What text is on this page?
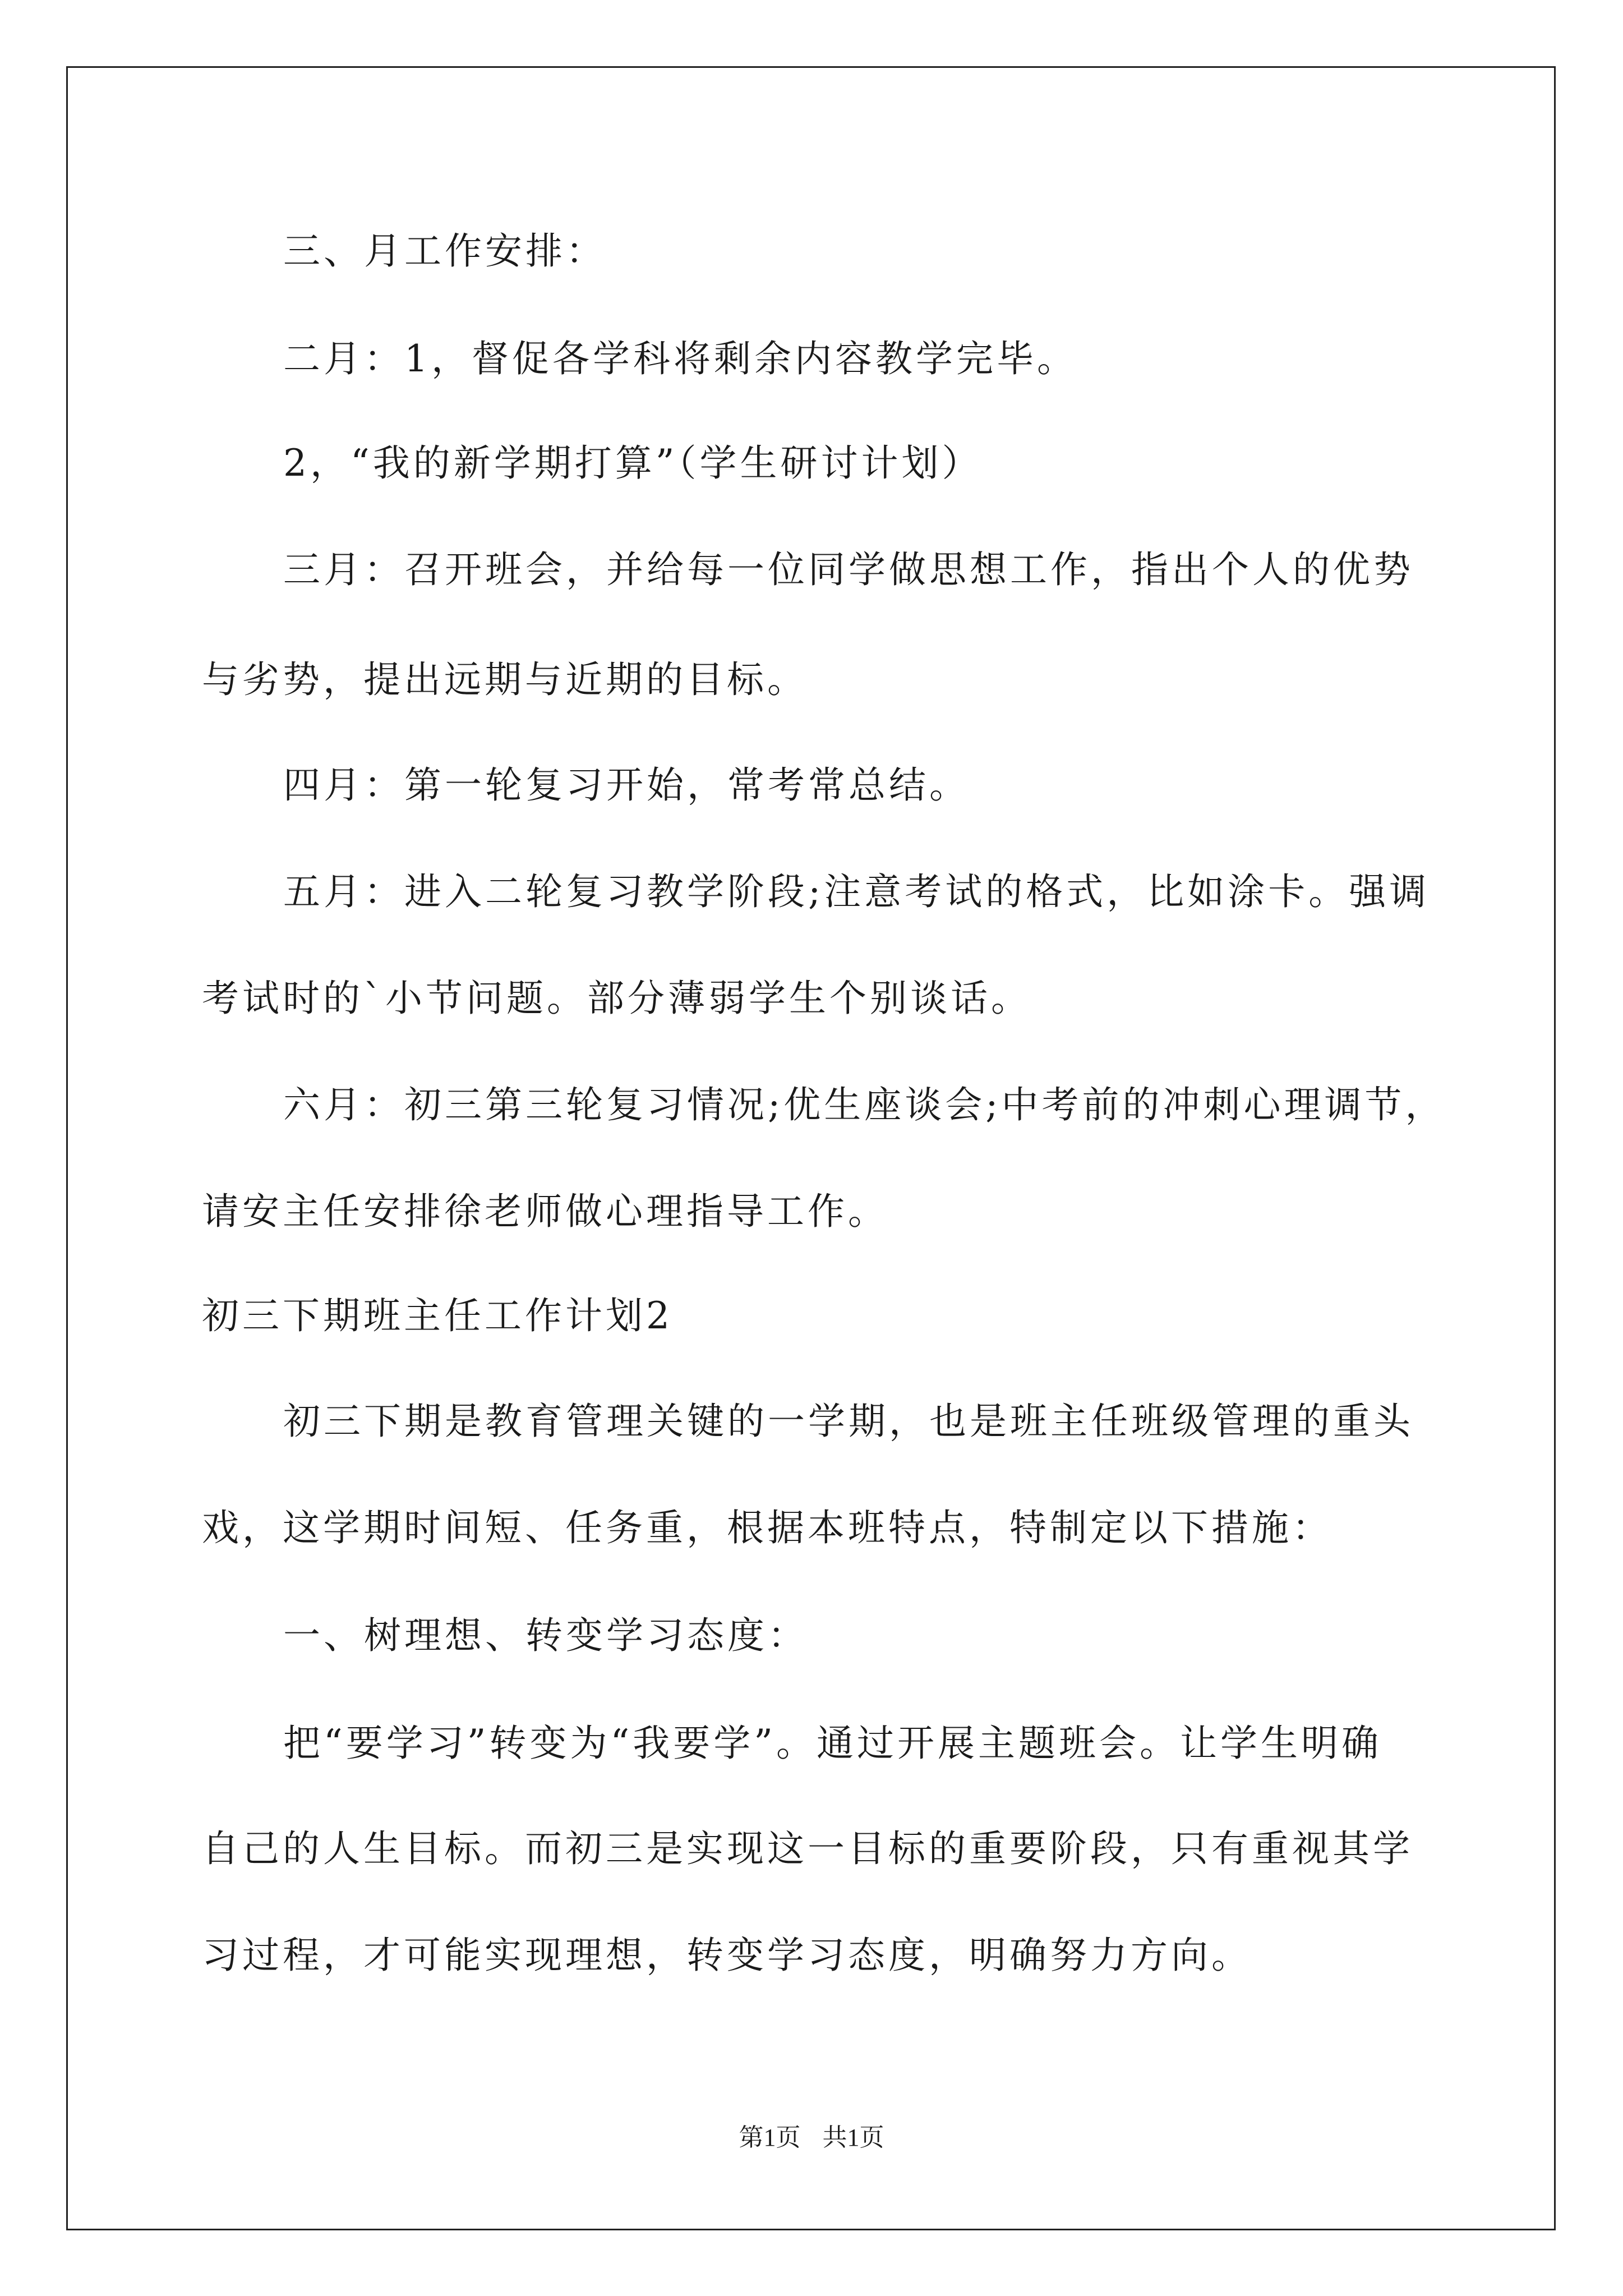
三、月工作安排：
二月：1，督促各学科将剩余内容教学完毕。
2，“我的新学期打算”（学生研讨计划）
三月：召开班会，并给每一位同学做思想工作，指出个人的优势
与劣势，提出远期与近期的目标。
四月：第一轮复习开始，常考常总结。
五月：进入二轮复习教学阶段;注意考试的格式，比如涂卡。强调
考试时的`小节问题。部分薄弱学生个别谈话。
六月：初三第三轮复习情况;优生座谈会;中考前的冲刺心理调节，
请安主任安排徐老师做心理指导工作。
初三下期班主任工作计划2
初三下期是教育管理关键的一学期，也是班主任班级管理的重头
戏，这学期时间短、任务重，根据本班特点，特制定以下措施：
一、树理想、转变学习态度：
把“要学习”转变为“我要学”。通过开展主题班会。让学生明确
自己的人生目标。而初三是实现这一目标的重要阶段，只有重视其学
习过程，才可能实现理想，转变学习态度，明确努力方向。
第1页 共1页
